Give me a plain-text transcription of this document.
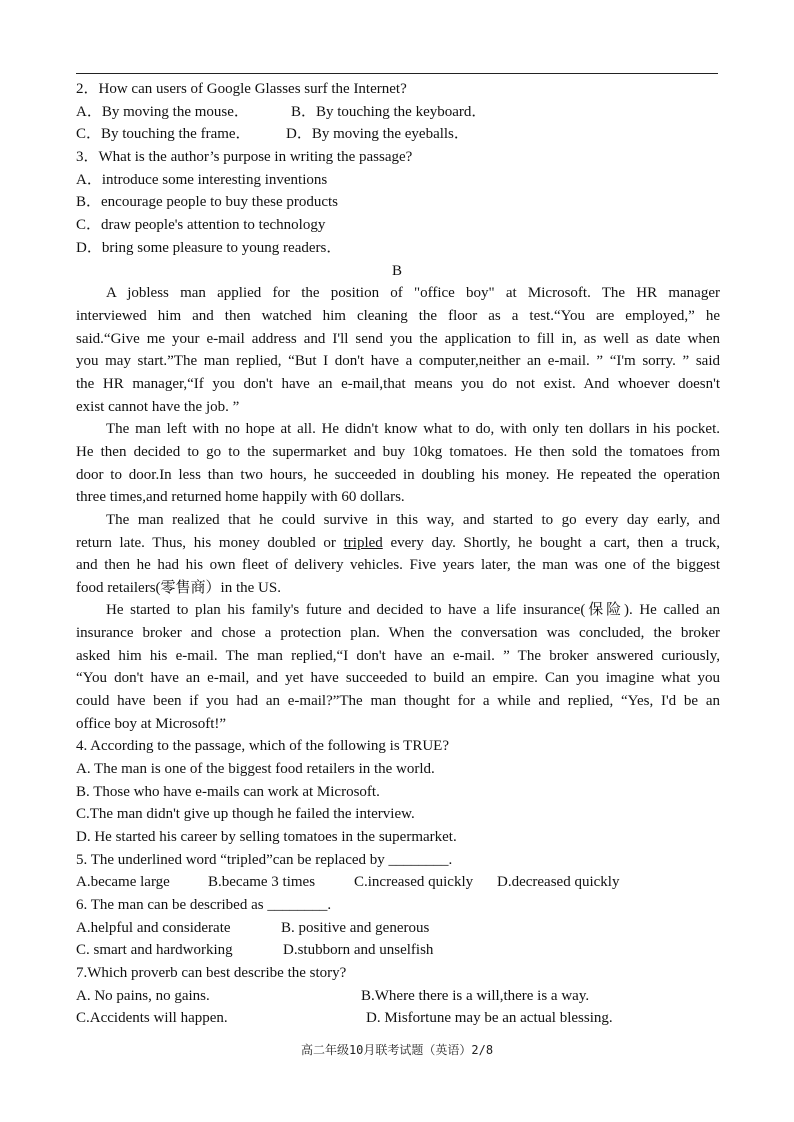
2．How can users of Google Glasses surf the Internet?
A．By moving the mouse．	B．By touching the keyboard．
C．By touching the frame． D．By moving the eyeballs．
3．What is the author’s purpose in writing the passage?
A．introduce some interesting inventions
B．encourage people to buy these products
C．draw people's attention to technology
D．bring some pleasure to young readers．
B
A jobless man applied for the position of "office boy" at Microsoft. The HR manager
interviewed him and then watched him cleaning the floor as a test.“You are employed,” he
said.“Give me your e-mail address and I'll send you the application to fill in, as well as date when
you may start.”The man replied, “But I don't have a computer,neither an e-mail. ” “I'm sorry. ” said
the HR manager,“If you don't have an e-mail,that means you do not exist. And whoever doesn't
exist cannot have the job. ”
The man left with no hope at all. He didn't know what to do, with only ten dollars in his pocket.
He then decided to go to the supermarket and buy 10kg tomatoes. He then sold the tomatoes from
door to door.In less than two hours, he succeeded in doubling his money. He repeated the operation
three times,and returned home happily with 60 dollars.
The man realized that he could survive in this way, and started to go every day early, and
return late. Thus, his money doubled or tripled every day. Shortly, he bought a cart, then a truck,
and then he had his own fleet of delivery vehicles. Five years later, the man was one of the biggest
food retailers(零售商）in the US.
He started to plan his family's future and decided to have a life insurance(保险). He called an
insurance broker and chose a protection plan. When the conversation was concluded, the broker
asked him his e-mail. The man replied,“I don't have an e-mail. ” The broker answered curiously,
“You don't have an e-mail, and yet have succeeded to build an empire. Can you imagine what you
could have been if you had an e-mail?”The man thought for a while and replied, “Yes, I'd be an
office boy at Microsoft!”
4. According to the passage, which of the following is TRUE?
A. The man is one of the biggest food retailers in the world.
B. Those who have e-mails can work at Microsoft.
C.The man didn't give up though he failed the interview.
D. He started his career by selling tomatoes in the supermarket.
5. The underlined word “tripled”can be replaced by ________.
A.became large	B.became 3 times	C.increased quickly D.decreased quickly
6. The man can be described as ________.
A.helpful and considerate	B. positive and generous
C. smart and hardworking	D.stubborn and unselfish
7.Which proverb can best describe the story?
A. No pains, no gains.	B.Where there is a will,there is a way.
C.Accidents will happen.	D. Misfortune may be an actual blessing.
高二年级10月联考试题（英语）2/8
